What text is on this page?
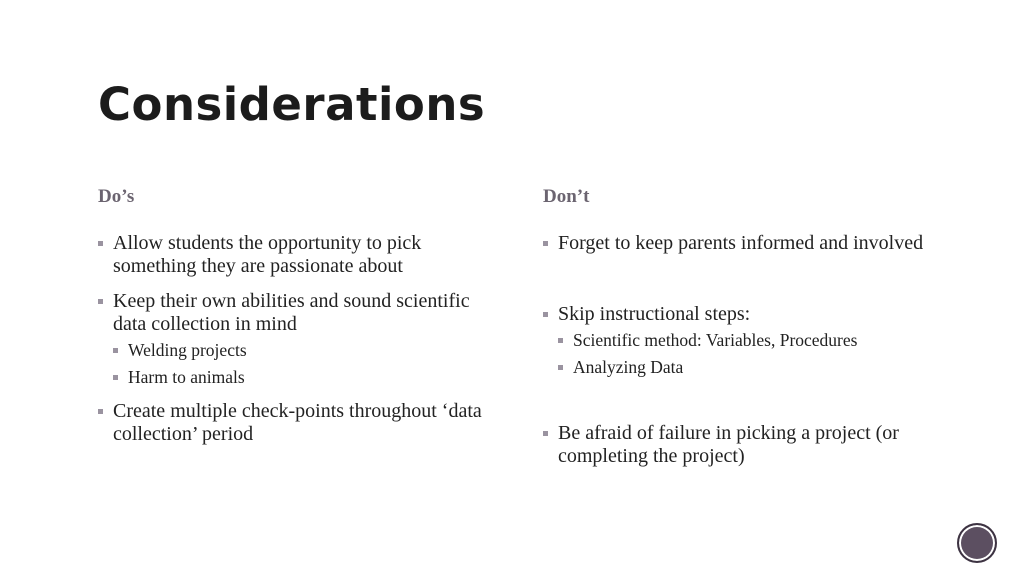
Considerations
Do’s
Allow students the opportunity to pick something they are passionate about
Keep their own abilities and sound scientific data collection in mind
Welding projects
Harm to animals
Create multiple check-points throughout ‘data collection’ period
Don’t
Forget to keep parents informed and involved
Skip instructional steps:
Scientific method: Variables, Procedures
Analyzing Data
Be afraid of failure in picking a project (or completing the project)
